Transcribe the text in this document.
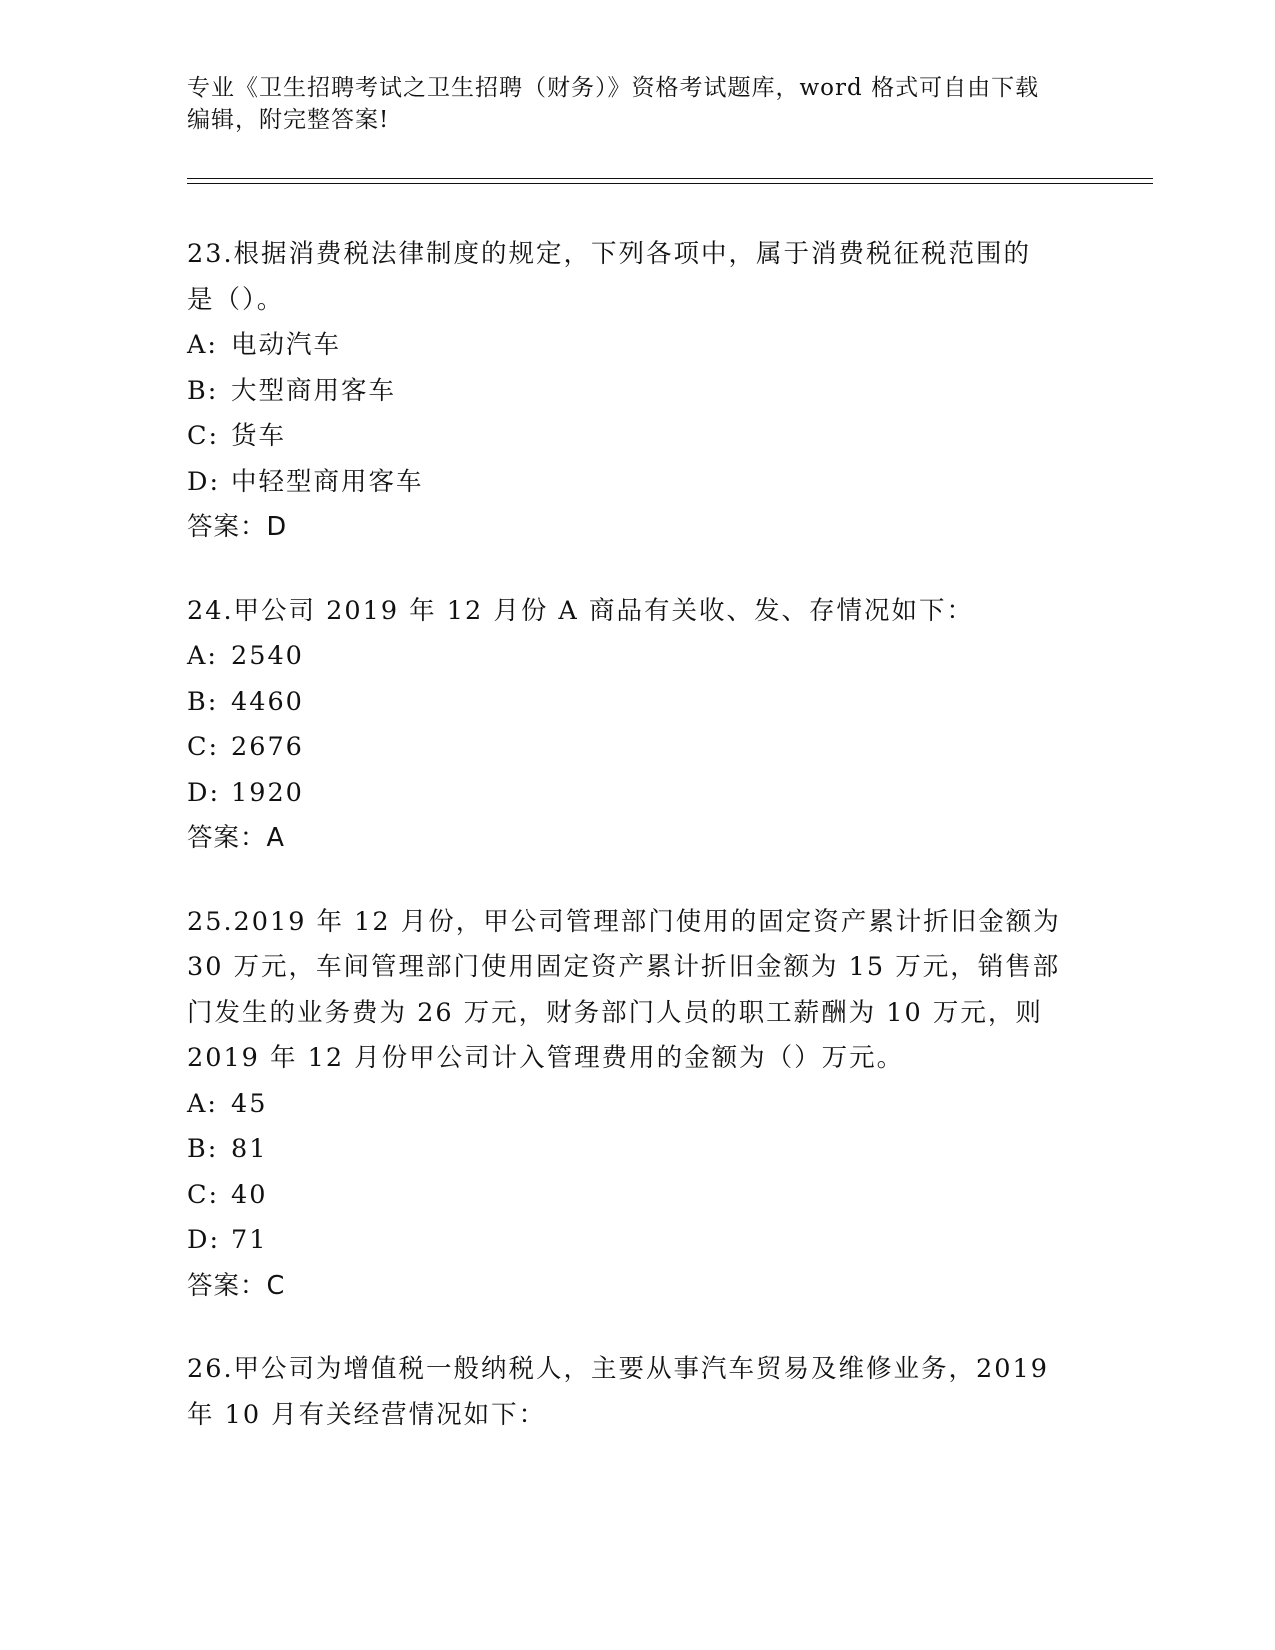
专业《卫生招聘考试之卫生招聘（财务）》资格考试题库，word 格式可自由下载
编辑，附完整答案!

23.根据消费税法律制度的规定，下列各项中，属于消费税征税范围的

是（）。

A: 电动汽车

B: 大型商用客车

C: 货车

D: 中轻型商用客车

答案：D

24.甲公司 2019 年 12 月份 A 商品有关收、发、存情况如下：

A: 2540

B: 4460

C: 2676

D: 1920

答案：A

25.2019 年 12 月份，甲公司管理部门使用的固定资产累计折旧金额为

30 万元，车间管理部门使用固定资产累计折旧金额为 15 万元，销售部

门发生的业务费为 26 万元，财务部门人员的职工薪酬为 10 万元，则

2019 年 12 月份甲公司计入管理费用的金额为（）万元。

A: 45

B: 81

C: 40

D: 71

答案：C

26.甲公司为增值税一般纳税人，主要从事汽车贸易及维修业务，2019

年 10 月有关经营情况如下：
